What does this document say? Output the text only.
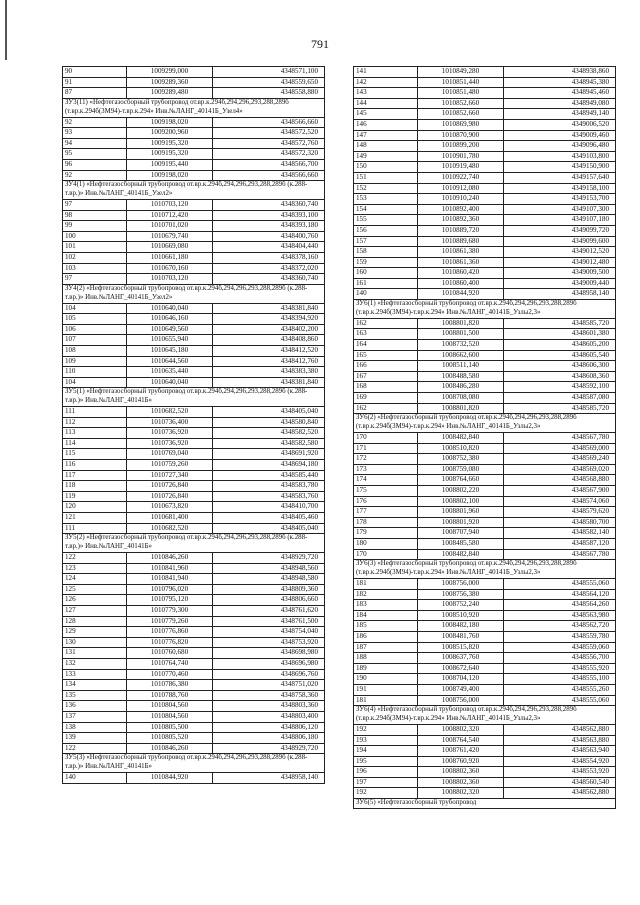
791
90	1009299,000	4348571,100
91	1009289,360	4348559,650
87	1009289,480	4348558,880
ЗУ3(11) «Нефтегазосборный трубопровод от.вр.к.294б,294,296,293,288,289б (т.вр.к.294б(3М94)-т.вр.к.294» Инв.№ЛАНГ_40141Б_Узел4»		
92	1009198,020	4348566,660
93	1009200,960	4348572,520
94	1009195,320	4348572,760
95	1009195,320	4348572,320
96	1009195,440	4348566,700
92	1009198,020	4348566,660
ЗУ4(1) «Нефтегазосборный трубопровод от.вр.к.294б,294,296,293,288,289б (к.288-т.вр.)» Инв.№ЛАНГ_40141Б_Узел2»		
97	1010703,120	4348360,740
98	1010712,420	4348393,100
99	1010701,020	4348393,180
100	1010679,740	4348400,760
101	1010669,080	4348404,440
102	1010661,180	4348378,160
103	1010670,160	4348372,020
97	1010703,120	4348360,740
ЗУ4(2) «Нефтегазосборный трубопровод от.вр.к.294б,294,296,293,288,289б (к.288-т.вр.)» Инв.№ЛАНГ_40141Б_Узел2»		
104	1010640,040	4348381,840
105	1010646,160	4348394,920
106	1010649,560	4348402,200
107	1010655,940	4348408,860
108	1010645,180	4348412,520
109	1010644,560	4348412,760
110	1010635,440	4348383,380
104	1010640,040	4348381,840
ЗУ5(1) «Нефтегазосборный трубопровод от.вр.к.294б,294,296,293,288,289б (к.288-т.вр.)» Инв.№ЛАНГ_40141Б»		
111	1010682,520	4348405,040
112	1010736,400	4348580,840
113	1010736,920	4348582,520
114	1010736,920	4348582,580
115	1010769,040	4348691,920
116	1010759,260	4348694,180
117	1010727,340	4348585,440
118	1010726,840	4348583,780
119	1010726,840	4348583,760
120	1010673,820	4348410,700
121	1010681,400	4348405,460
111	1010682,520	4348405,040
ЗУ5(2) «Нефтегазосборный трубопровод от.вр.к.294б,294,296,293,288,289б (к.288-т.вр.)» Инв.№ЛАНГ_40141Б»		
122	1010846,260	4348929,720
123	1010841,960	4348948,560
124	1010841,940	4348948,580
125	1010796,020	4348809,360
126	1010795,120	4348806,660
127	1010779,300	4348761,620
128	1010779,260	4348761,500
129	1010776,860	4348754,040
130	1010776,820	4348753,920
131	1010760,680	4348698,980
132	1010764,740	4348696,980
133	1010770,460	4348696,760
134	1010786,380	4348751,020
135	1010788,760	4348758,360
136	1010804,560	4348803,360
137	1010804,560	4348803,400
138	1010805,500	4348806,120
139	1010805,520	4348806,180
122	1010846,260	4348929,720
ЗУ5(3) «Нефтегазосборный трубопровод от.вр.к.294б,294,296,293,288,289б (к.288-т.вр.)» Инв.№ЛАНГ_40141Б»		
140	1010844,920	4348958,140
141	1010849,280	4348938,860
142	1010851,440	4348945,380
143	1010851,480	4348945,460
144	1010852,660	4348949,080
145	1010852,660	4348949,140
146	1010869,980	4349006,520
147	1010870,900	4349009,460
148	1010899,200	4349096,480
149	1010901,780	4349103,800
150	1010919,480	4349150,900
151	1010922,740	4349157,640
152	1010912,080	4349158,100
153	1010910,240	4349153,700
154	1010892,400	4349107,300
155	1010892,360	4349107,180
156	1010889,720	4349099,720
157	1010889,680	4349099,600
158	1010861,380	4349012,520
159	1010861,360	4349012,480
160	1010860,420	4349009,500
161	1010860,400	4349009,440
140	1010844,920	4348958,140
ЗУ6(1) «Нефтегазосборный трубопровод от.вр.к.294б,294,296,293,288,289б (т.вр.к.294б(3М94)-т.вр.к.294» Инв.№ЛАНГ_40141Б_Узлы2,3»		
162	1008801,820	4348585,720
163	1008801,500	4348601,380
164	1008732,520	4348605,200
165	1008662,600	4348605,540
166	1008511,140	4348606,300
167	1008488,580	4348608,360
168	1008486,280	4348592,100
169	1008708,080	4348587,080
162	1008801,820	4348585,720
ЗУ6(2) «Нефтегазосборный трубопровод от.вр.к.294б,294,296,293,288,289б (т.вр.к.294б(3М94)-т.вр.к.294» Инв.№ЛАНГ_40141Б_Узлы2,3»		
170	1008482,840	4348567,780
171	1008510,820	4348569,000
172	1008752,380	4348569,240
173	1008759,080	4348569,020
174	1008764,660	4348568,880
175	1008802,220	4348567,900
176	1008802,100	4348574,060
177	1008801,960	4348579,620
178	1008801,920	4348580,700
179	1008707,940	4348582,140
180	1008485,580	4348587,120
170	1008482,840	4348567,780
ЗУ6(3) «Нефтегазосборный трубопровод от.вр.к.294б,294,296,293,288,289б (т.вр.к.294б(3М94)-т.вр.к.294» Инв.№ЛАНГ_40141Б_Узлы2,3»		
181	1008756,000	4348555,060
182	1008756,380	4348564,120
183	1008752,240	4348564,260
184	1008510,920	4348563,980
185	1008482,180	4348562,720
186	1008481,760	4348559,780
187	1008515,820	4348559,060
188	1008637,760	4348556,700
189	1008672,640	4348555,920
190	1008704,120	4348555,100
191	1008749,400	4348555,260
181	1008756,000	4348555,060
ЗУ6(4) «Нефтегазосборный трубопровод от.вр.к.294б,294,296,293,288,289б (т.вр.к.294б(3М94)-т.вр.к.294» Инв.№ЛАНГ_40141Б_Узлы2,3»		
192	1008802,320	4348562,880
193	1008764,540	4348563,880
194	1008761,420	4348563,940
195	1008760,920	4348554,920
196	1008802,360	4348553,920
197	1008802,360	4348560,540
192	1008802,320	4348562,880
ЗУ6(5) «Нефтегазосборный трубопровод		
